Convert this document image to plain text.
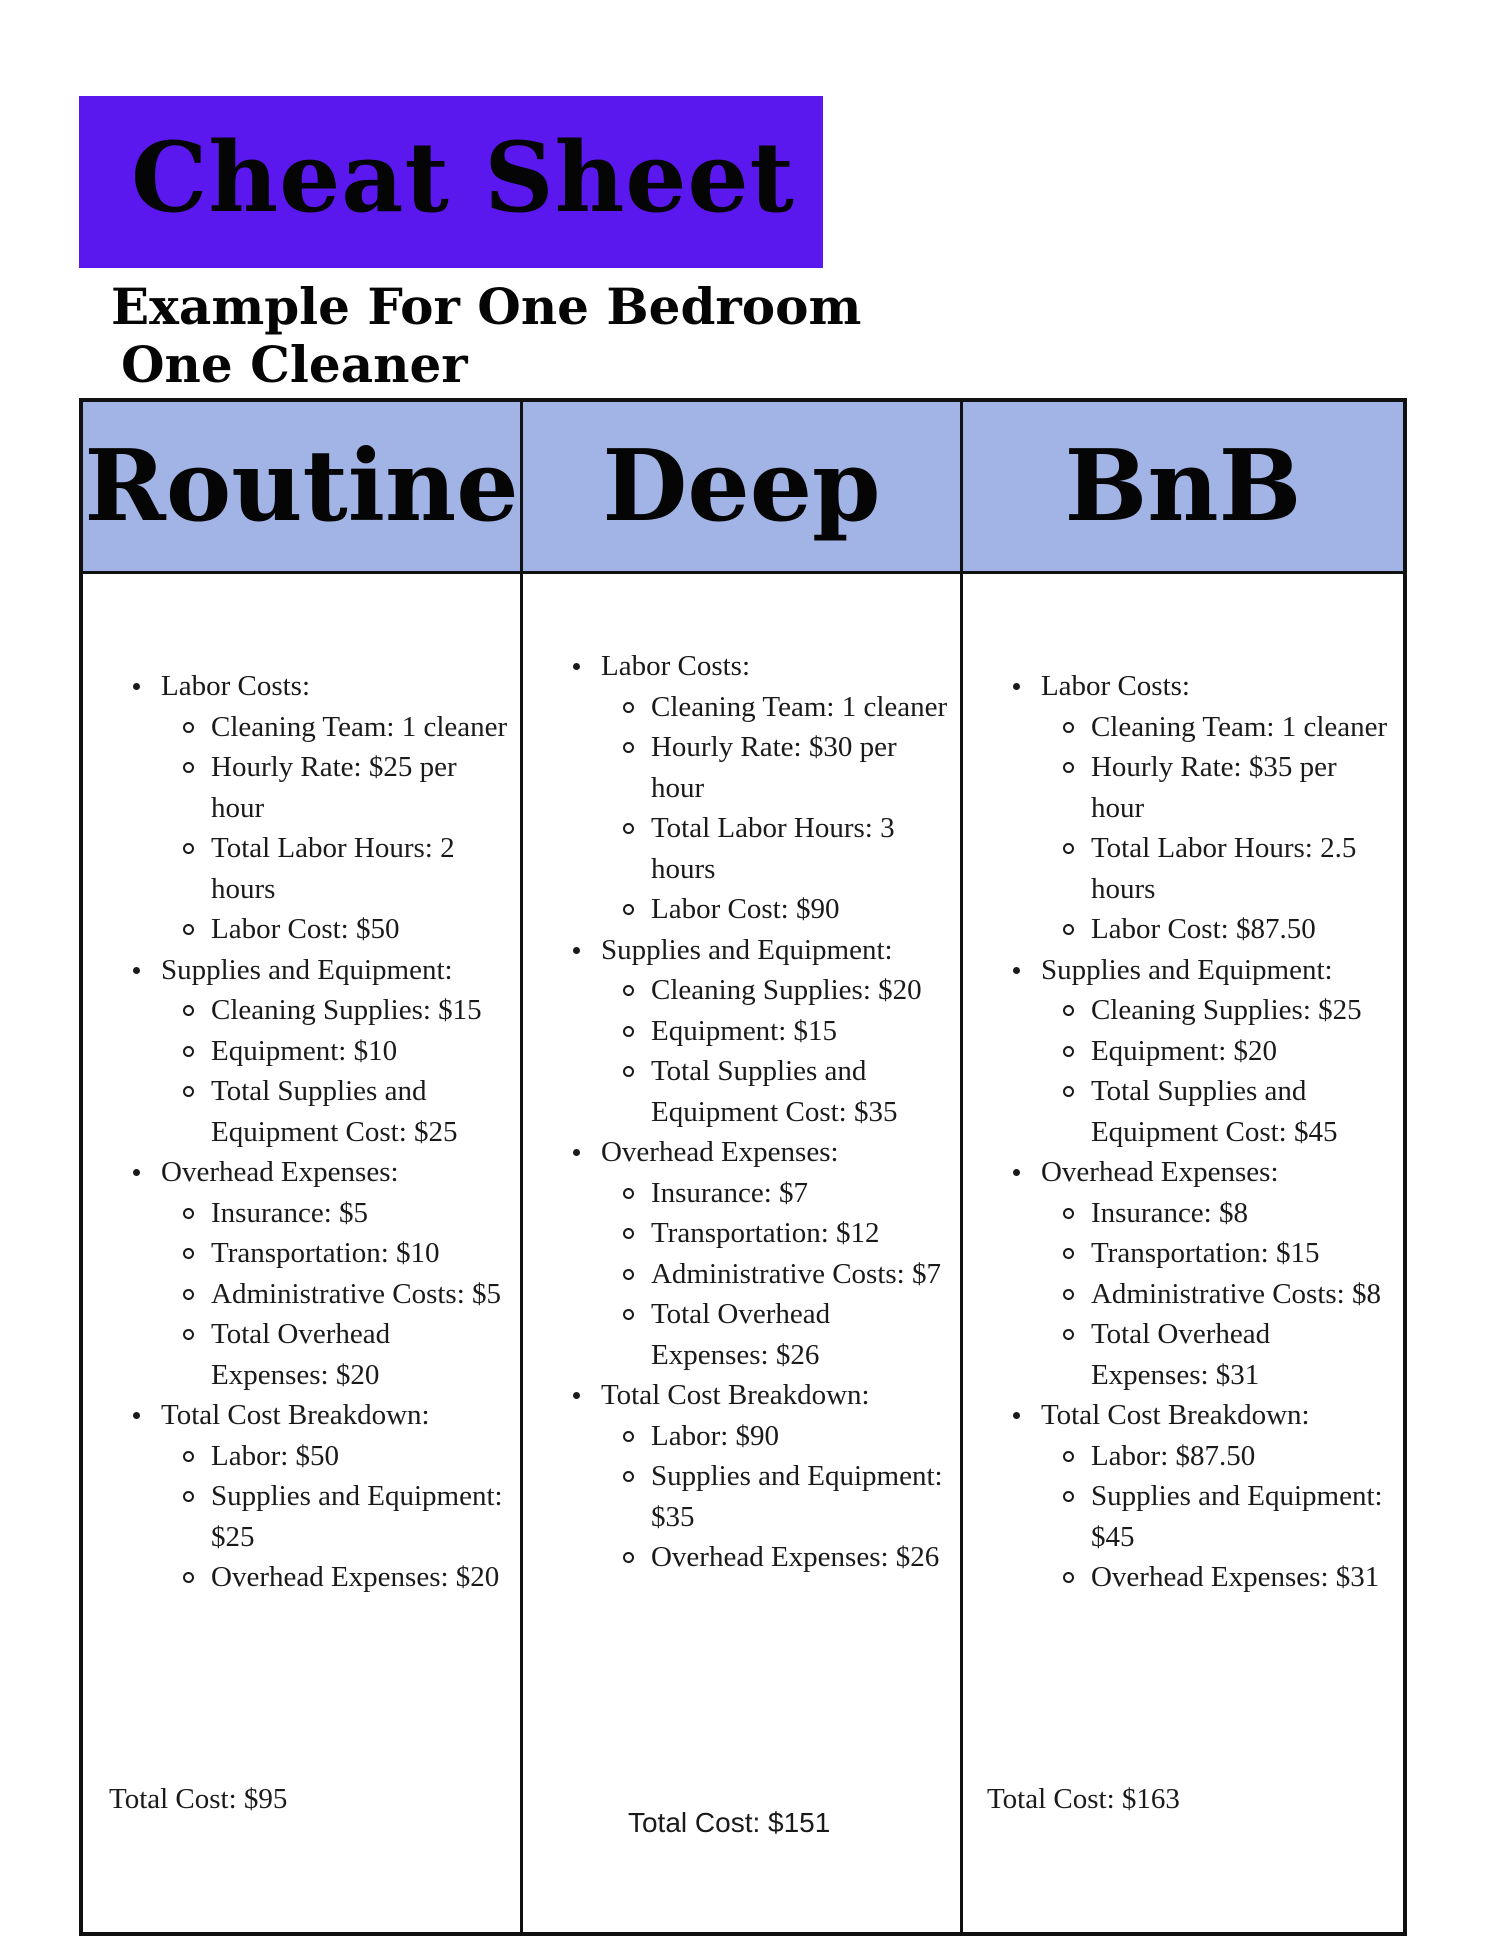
Cheat Sheet
Example For One Bedroom
One Cleaner
Routine
Labor Costs:
Cleaning Team: 1 cleaner
Hourly Rate: $25 per hour
Total Labor Hours: 2 hours
Labor Cost: $50
Supplies and Equipment:
Cleaning Supplies: $15
Equipment: $10
Total Supplies and Equipment Cost: $25
Overhead Expenses:
Insurance: $5
Transportation: $10
Administrative Costs: $5
Total Overhead Expenses: $20
Total Cost Breakdown:
Labor: $50
Supplies and Equipment: $25
Overhead Expenses: $20
Total Cost: $95
Deep
Labor Costs:
Cleaning Team: 1 cleaner
Hourly Rate: $30 per hour
Total Labor Hours: 3 hours
Labor Cost: $90
Supplies and Equipment:
Cleaning Supplies: $20
Equipment: $15
Total Supplies and Equipment Cost: $35
Overhead Expenses:
Insurance: $7
Transportation: $12
Administrative Costs: $7
Total Overhead Expenses: $26
Total Cost Breakdown:
Labor: $90
Supplies and Equipment: $35
Overhead Expenses: $26
Total Cost: $151
BnB
Labor Costs:
Cleaning Team: 1 cleaner
Hourly Rate: $35 per hour
Total Labor Hours: 2.5 hours
Labor Cost: $87.50
Supplies and Equipment:
Cleaning Supplies: $25
Equipment: $20
Total Supplies and Equipment Cost: $45
Overhead Expenses:
Insurance: $8
Transportation: $15
Administrative Costs: $8
Total Overhead Expenses: $31
Total Cost Breakdown:
Labor: $87.50
Supplies and Equipment: $45
Overhead Expenses: $31
Total Cost: $163
